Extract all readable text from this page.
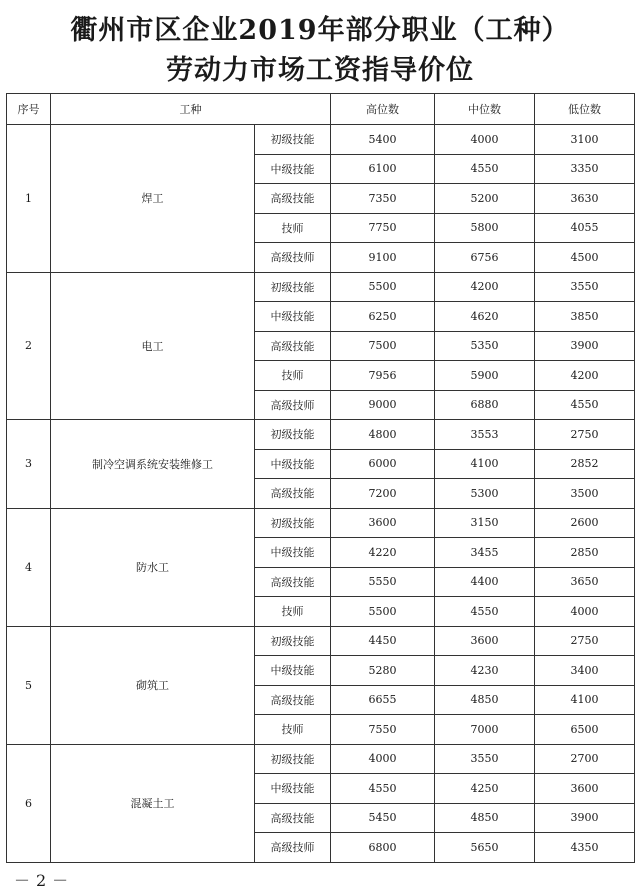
衢州市区企业2019年部分职业（工种）
劳动力市场工资指导价位
序号	工种		高位数	中位数	低位数
1	焊工	初级技能	5400	4000	3100
		中级技能	6100	4550	3350
		高级技能	7350	5200	3630
		技师	7750	5800	4055
		高级技师	9100	6756	4500
2	电工	初级技能	5500	4200	3550
		中级技能	6250	4620	3850
		高级技能	7500	5350	3900
		技师	7956	5900	4200
		高级技师	9000	6880	4550
3	制冷空调系统安装维修工	初级技能	4800	3553	2750
		中级技能	6000	4100	2852
		高级技能	7200	5300	3500
4	防水工	初级技能	3600	3150	2600
		中级技能	4220	3455	2850
		高级技能	5550	4400	3650
		技师	5500	4550	4000
5	砌筑工	初级技能	4450	3600	2750
		中级技能	5280	4230	3400
		高级技能	6655	4850	4100
		技师	7550	7000	6500
6	混凝土工	初级技能	4000	3550	2700
		中级技能	4550	4250	3600
		高级技能	5450	4850	3900
		高级技师	6800	5650	4350
－2－
